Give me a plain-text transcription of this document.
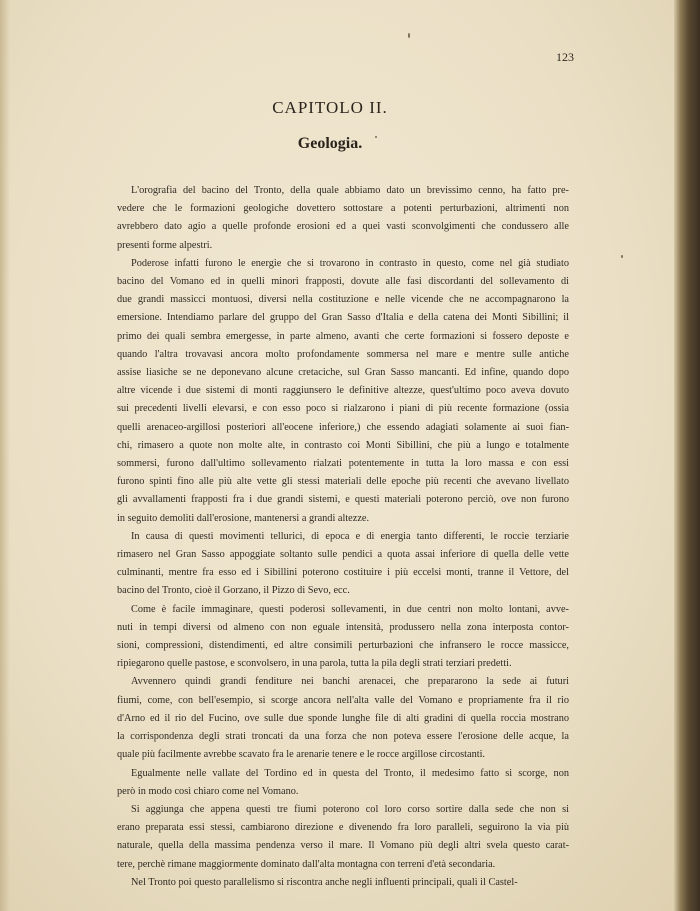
123
CAPITOLO II.
Geologia.
L'orografia del bacino del Tronto, della quale abbiamo dato un brevissimo cenno, ha fatto pre-
vedere che le formazioni geologiche dovettero sottostare a potenti perturbazioni, altrimenti non
avrebbero dato agio a quelle profonde erosioni ed a quei vasti sconvolgimenti che condussero alle
presenti forme alpestri.
Poderose infatti furono le energie che si trovarono in contrasto in questo, come nel già studiato
bacino del Vomano ed in quelli minori frapposti, dovute alle fasi discordanti del sollevamento di
due grandi massicci montuosi, diversi nella costituzione e nelle vicende che ne accompagnarono la
emersione. Intendiamo parlare del gruppo del Gran Sasso d'Italia e della catena dei Monti Sibillini; il
primo dei quali sembra emergesse, in parte almeno, avanti che certe formazioni si fossero deposte e
quando l'altra trovavasi ancora molto profondamente sommersa nel mare e mentre sulle antiche
assise liasiche se ne deponevano alcune cretaciche, sul Gran Sasso mancanti. Ed infine, quando dopo
altre vicende i due sistemi di monti raggiunsero le definitive altezze, quest'ultimo poco aveva dovuto
sui precedenti livelli elevarsi, e con esso poco si rialzarono i piani di più recente formazione (ossia
quelli arenaceo-argillosi posteriori all'eocene inferiore,) che essendo adagiati solamente ai suoi fian-
chi, rimasero a quote non molte alte, in contrasto coi Monti Sibillini, che più a lungo e totalmente
sommersi, furono dall'ultimo sollevamento rialzati potentemente in tutta la loro massa e con essi
furono spinti fino alle più alte vette gli stessi materiali delle epoche più recenti che avevano livellato
gli avvallamenti frapposti fra i due grandi sistemi, e questi materiali poterono perciò, ove non furono
in seguito demoliti dall'erosione, mantenersi a grandi altezze.
In causa di questi movimenti tellurici, di epoca e di energia tanto differenti, le roccie terziarie
rimasero nel Gran Sasso appoggiate soltanto sulle pendici a quota assai inferiore di quella delle vette
culminanti, mentre fra esso ed i Sibillini poterono costituire i più eccelsi monti, tranne il Vettore, del
bacino del Tronto, cioè il Gorzano, il Pizzo di Sevo, ecc.
Come è facile immaginare, questi poderosi sollevamenti, in due centri non molto lontani, avve-
nuti in tempi diversi od almeno con non eguale intensità, produssero nella zona interposta contor-
sioni, compressioni, distendimenti, ed altre consimili perturbazioni che infransero le rocce massicce,
ripiegarono quelle pastose, e sconvolsero, in una parola, tutta la pila degli strati terziari predetti.
Avvennero quindi grandi fenditure nei banchi arenacei, che prepararono la sede ai futuri
fiumi, come, con bell'esempio, si scorge ancora nell'alta valle del Vomano e propriamente fra il rio
d'Arno ed il rio del Fucino, ove sulle due sponde lunghe file di alti gradini di quella roccia mostrano
la corrispondenza degli strati troncati da una forza che non poteva essere l'erosione delle acque, la
quale più facilmente avrebbe scavato fra le arenarie tenere e le rocce argillose circostanti.
Egualmente nelle vallate del Tordino ed in questa del Tronto, il medesimo fatto si scorge, non
però in modo così chiaro come nel Vomano.
Si aggiunga che appena questi tre fiumi poterono col loro corso sortire dalla sede che non si
erano preparata essi stessi, cambiarono direzione e divenendo fra loro paralleli, seguirono la via più
naturale, quella della massima pendenza verso il mare. Il Vomano più degli altri svela questo carat-
tere, perchè rimane maggiormente dominato dall'alta montagna con terreni d'età secondaria.
Nel Tronto poi questo parallelismo si riscontra anche negli influenti principali, quali il Castel-
